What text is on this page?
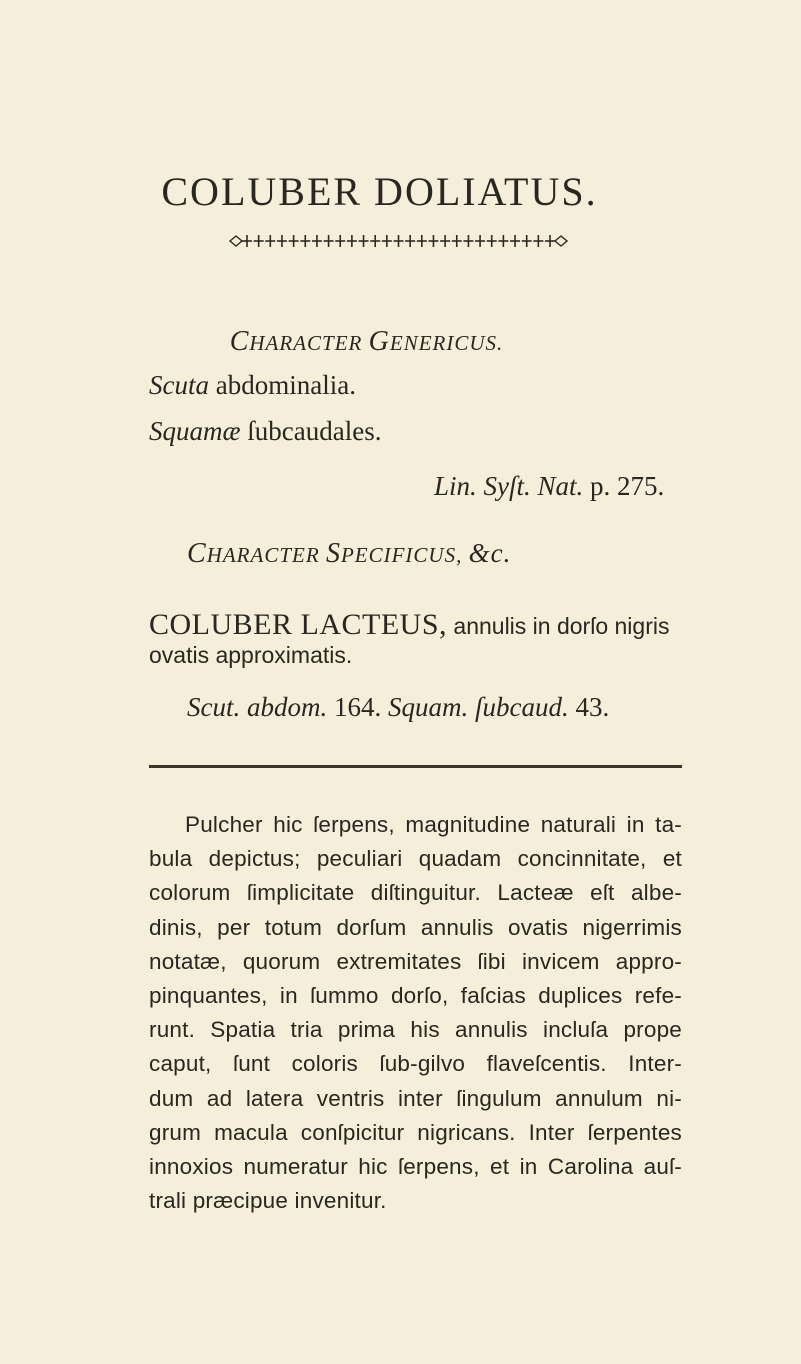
COLUBER DOLIATUS.
CHARACTER GENERICUS.
Scuta abdominalia.
Squamæ ſubcaudales.
Lin. Syſt. Nat. p. 275.
CHARACTER SPECIFICUS, &c.
COLUBER LACTEUS, annulis in dorſo nigris
ovatis approximatis.
Scut. abdom. 164. Squam. ſubcaud. 43.
Pulcher hic ſerpens, magnitudine naturali in ta-
bula depictus; peculiari quadam concinnitate, et
colorum ſimplicitate diſtinguitur. Lacteæ eſt albe-
dinis, per totum dorſum annulis ovatis nigerrimis
notatæ, quorum extremitates ſibi invicem appro-
pinquantes, in ſummo dorſo, faſcias duplices refe-
runt. Spatia tria prima his annulis incluſa prope
caput, ſunt coloris ſub-gilvo flaveſcentis. Inter-
dum ad latera ventris inter ſingulum annulum ni-
grum macula conſpicitur nigricans. Inter ſerpentes
innoxios numeratur hic ſerpens, et in Carolina auſ-
trali præcipue invenitur.
